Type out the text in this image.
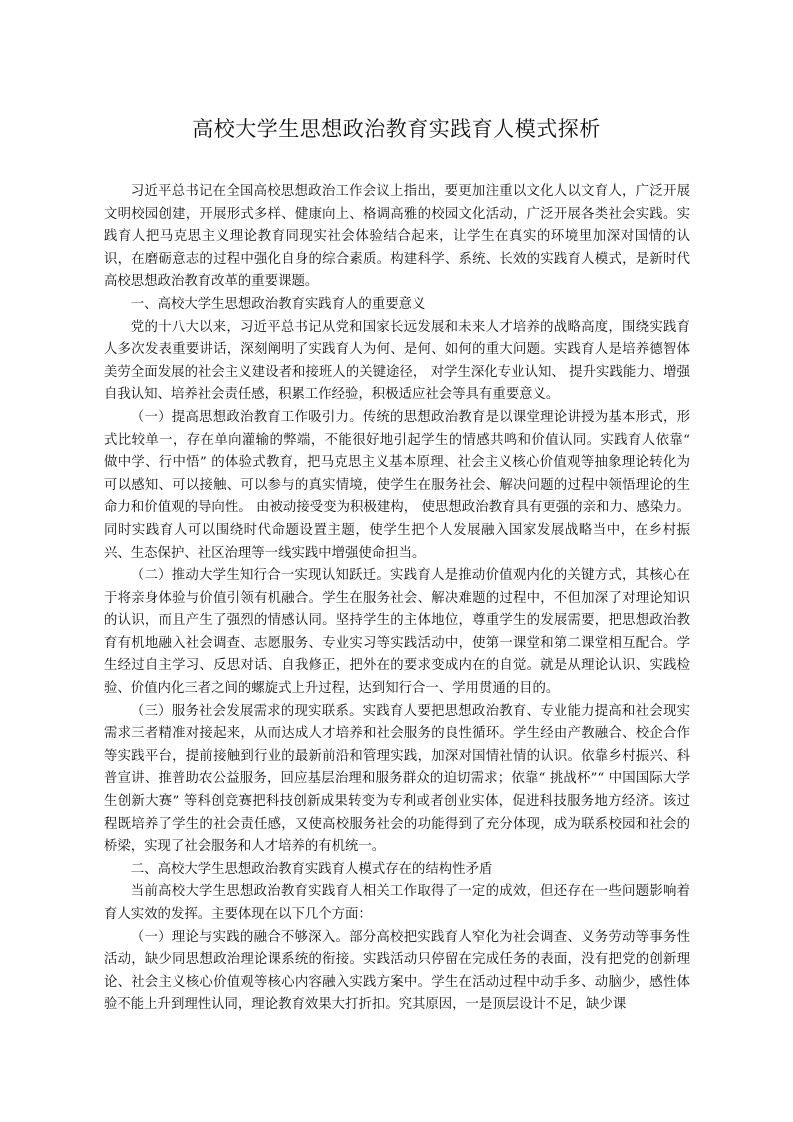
高校大学生思想政治教育实践育人模式探析

习近平总书记在全国高校思想政治工作会议上指出，要更加注重以文化人以文育人，广泛开展文明校园创建，开展形式多样、健康向上、格调高雅的校园文化活动，广泛开展各类社会实践。实践育人把马克思主义理论教育同现实社会体验结合起来，让学生在真实的环境里加深对国情的认识，在磨砺意志的过程中强化自身的综合素质。构建科学、系统、长效的实践育人模式，是新时代高校思想政治教育改革的重要课题。

一、高校大学生思想政治教育实践育人的重要意义

党的十八大以来，习近平总书记从党和国家长远发展和未来人才培养的战略高度，围绕实践育人多次发表重要讲话，深刻阐明了实践育人为何、是何、如何的重大问题。实践育人是培养德智体美劳全面发展的社会主义建设者和接班人的关键途径， 对学生深化专业认知、 提升实践能力、增强自我认知、培养社会责任感，积累工作经验，积极适应社会等具有重要意义。

（一）提高思想政治教育工作吸引力。传统的思想政治教育是以课堂理论讲授为基本形式，形式比较单一，存在单向灌输的弊端，不能很好地引起学生的情感共鸣和价值认同。实践育人依靠“ 做中学、行中悟” 的体验式教育，把马克思主义基本原理、社会主义核心价值观等抽象理论转化为可以感知、可以接触、可以参与的真实情境，使学生在服务社会、解决问题的过程中领悟理论的生命力和价值观的导向性。 由被动接受变为积极建构， 使思想政治教育具有更强的亲和力、感染力。同时实践育人可以围绕时代命题设置主题，使学生把个人发展融入国家发展战略当中，在乡村振兴、生态保护、社区治理等一线实践中增强使命担当。

（二）推动大学生知行合一实现认知跃迁。实践育人是推动价值观内化的关键方式，其核心在于将亲身体验与价值引领有机融合。学生在服务社会、解决难题的过程中，不但加深了对理论知识的认识，而且产生了强烈的情感认同。坚持学生的主体地位，尊重学生的发展需要，把思想政治教育有机地融入社会调查、志愿服务、专业实习等实践活动中，使第一课堂和第二课堂相互配合。学生经过自主学习、反思对话、自我修正，把外在的要求变成内在的自觉。就是从理论认识、实践检验、价值内化三者之间的螺旋式上升过程，达到知行合一、学用贯通的目的。

（三）服务社会发展需求的现实联系。实践育人要把思想政治教育、专业能力提高和社会现实需求三者精准对接起来，从而达成人才培养和社会服务的良性循环。学生经由产教融合、校企合作等实践平台，提前接触到行业的最新前沿和管理实践，加深对国情社情的认识。依靠乡村振兴、科普宣讲、推普助农公益服务，回应基层治理和服务群众的迫切需求；依靠“ 挑战杯”“ 中国国际大学生创新大赛” 等科创竞赛把科技创新成果转变为专利或者创业实体，促进科技服务地方经济。该过程既培养了学生的社会责任感，又使高校服务社会的功能得到了充分体现，成为联系校园和社会的桥梁，实现了社会服务和人才培养的有机统一。

二、高校大学生思想政治教育实践育人模式存在的结构性矛盾

当前高校大学生思想政治教育实践育人相关工作取得了一定的成效，但还存在一些问题影响着育人实效的发挥。主要体现在以下几个方面：

（一）理论与实践的融合不够深入。部分高校把实践育人窄化为社会调查、义务劳动等事务性活动，缺少同思想政治理论课系统的衔接。实践活动只停留在完成任务的表面，没有把党的创新理论、社会主义核心价值观等核心内容融入实践方案中。学生在活动过程中动手多、动脑少，感性体验不能上升到理性认同，理论教育效果大打折扣。究其原因，一是顶层设计不足，缺少课
